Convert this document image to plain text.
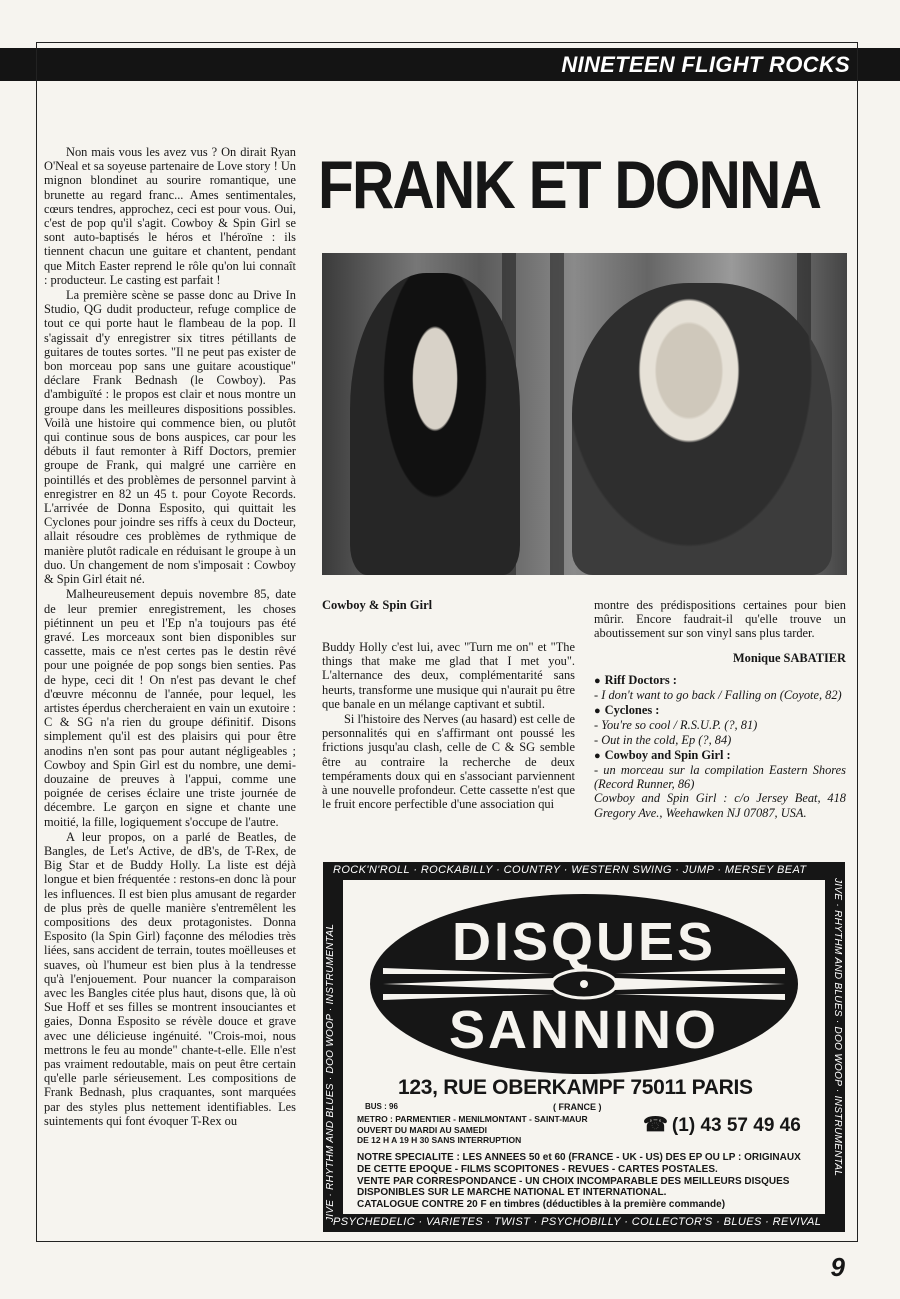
NINETEEN FLIGHT ROCKS

Non mais vous les avez vus ? On dirait Ryan O'Neal et sa soyeuse partenaire de Love story ! Un mignon blondinet au sourire romantique, une brunette au regard franc... Ames sentimentales, cœurs tendres, approchez, ceci est pour vous. Oui, c'est de pop qu'il s'agit. Cowboy & Spin Girl se sont auto-baptisés le héros et l'héroïne : ils tiennent chacun une guitare et chantent, pendant que Mitch Easter reprend le rôle qu'on lui connaît : producteur. Le casting est parfait !

La première scène se passe donc au Drive In Studio, QG dudit producteur, refuge complice de tout ce qui porte haut le flambeau de la pop. Il s'agissait d'y enregistrer six titres pétillants de guitares de toutes sortes. "Il ne peut pas exister de bon morceau pop sans une guitare acoustique" déclare Frank Bednash (le Cowboy). Pas d'ambiguïté : le propos est clair et nous montre un groupe dans les meilleures dispositions possibles. Voilà une histoire qui commence bien, ou plutôt qui continue sous de bons auspices, car pour les débuts il faut remonter à Riff Doctors, premier groupe de Frank, qui malgré une carrière en pointillés et des problèmes de personnel parvint à enregistrer en 82 un 45 t. pour Coyote Records. L'arrivée de Donna Esposito, qui quittait les Cyclones pour joindre ses riffs à ceux du Docteur, allait résoudre ces problèmes de rythmique de manière plutôt radicale en réduisant le groupe à un duo. Un changement de nom s'imposait : Cowboy & Spin Girl était né.

Malheureusement depuis novembre 85, date de leur premier enregistrement, les choses piétinnent un peu et l'Ep n'a toujours pas été gravé. Les morceaux sont bien disponibles sur cassette, mais ce n'est certes pas le destin rêvé pour une poignée de pop songs bien senties. Pas de hype, ceci dit ! On n'est pas devant le chef d'œuvre méconnu de l'année, pour lequel, les artistes éperdus chercheraient en vain un exutoire : C & SG n'a rien du groupe définitif. Disons simplement qu'il est des plaisirs qui pour être anodins n'en sont pas pour autant négligeables ; Cowboy and Spin Girl est du nombre, une demi-douzaine de preuves à l'appui, comme une poignée de cerises éclaire une triste journée de décembre. Le garçon en signe et chante une moitié, la fille, logiquement s'occupe de l'autre.

A leur propos, on a parlé de Beatles, de Bangles, de Let's Active, de dB's, de T-Rex, de Big Star et de Buddy Holly. La liste est déjà longue et bien fréquentée : restons-en donc là pour les influences. Il est bien plus amusant de regarder de plus près de quelle manière s'entremêlent les compositions des deux protagonistes. Donna Esposito (la Spin Girl) façonne des mélodies très liées, sans accident de terrain, toutes moëlleuses et suaves, où l'humeur est bien plus à la tendresse qu'à l'enjouement. Pour nuancer la comparaison avec les Bangles citée plus haut, disons que, là où Sue Hoff et ses filles se montrent insouciantes et gaies, Donna Esposito se révèle douce et grave avec une délicieuse ingénuité. "Crois-moi, nous mettrons le feu au monde" chante-t-elle. Elle n'est pas vraiment redoutable, mais on peut être certain qu'elle parle sérieusement. Les compositions de Frank Bednash, plus craquantes, sont marquées par des styles plus nettement identifiables. Les suintements qui font évoquer T-Rex ou

FRANK ET DONNA
Cowboy & Spin Girl

Buddy Holly c'est lui, avec "Turn me on" et "The things that make me glad that I met you". L'alternance des deux, complémentarité sans heurts, transforme une musique qui n'aurait pu être que banale en un mélange captivant et subtil.

Si l'histoire des Nerves (au hasard) est celle de personnalités qui en s'affirmant ont poussé les frictions jusqu'au clash, celle de C & SG semble être au contraire la recherche de deux tempéraments doux qui en s'associant parviennent à une nouvelle profondeur. Cette cassette n'est que le fruit encore perfectible d'une association qui

montre des prédispositions certaines pour bien mûrir. Encore faudrait-il qu'elle trouve un aboutissement sur son vinyl sans plus tarder.

Monique SABATIER
● Riff Doctors :
- I don't want to go back / Falling on (Coyote, 82)
● Cyclones :
- You're so cool / R.S.U.P. (?, 81)
- Out in the cold, Ep (?, 84)
● Cowboy and Spin Girl :
- un morceau sur la compilation Eastern Shores (Record Runner, 86)
Cowboy and Spin Girl : c/o Jersey Beat, 418 Gregory Ave., Weehawken NJ 07087, USA.
ROCK'N'ROLL · ROCKABILLY · COUNTRY · WESTERN SWING · JUMP · MERSEY BEAT
JIVE · RHYTHM AND BLUES · DOO WOOP · INSTRUMENTAL	JIVE · RHYTHM AND BLUES · DOO WOOP · INSTRUMENTAL
PSYCHEDELIC · VARIETES · TWIST · PSYCHOBILLY · COLLECTOR'S · BLUES · REVIVAL
DISQUES
SANNINO
123, RUE OBERKAMPF 75011 PARIS
BUS : 96	( FRANCE )
METRO : PARMENTIER - MENILMONTANT - SAINT-MAUR
OUVERT DU MARDI AU SAMEDI
DE 12 H A 19 H 30 SANS INTERRUPTION
☎ (1) 43 57 49 46
NOTRE SPECIALITE : LES ANNEES 50 et 60 (FRANCE - UK - US) DES EP OU LP : ORIGINAUX DE CETTE EPOQUE - FILMS SCOPITONES - REVUES - CARTES POSTALES.
VENTE PAR CORRESPONDANCE - UN CHOIX INCOMPARABLE DES MEILLEURS DISQUES DISPONIBLES SUR LE MARCHE NATIONAL ET INTERNATIONAL.
CATALOGUE CONTRE 20 F en timbres (déductibles à la première commande)
9
